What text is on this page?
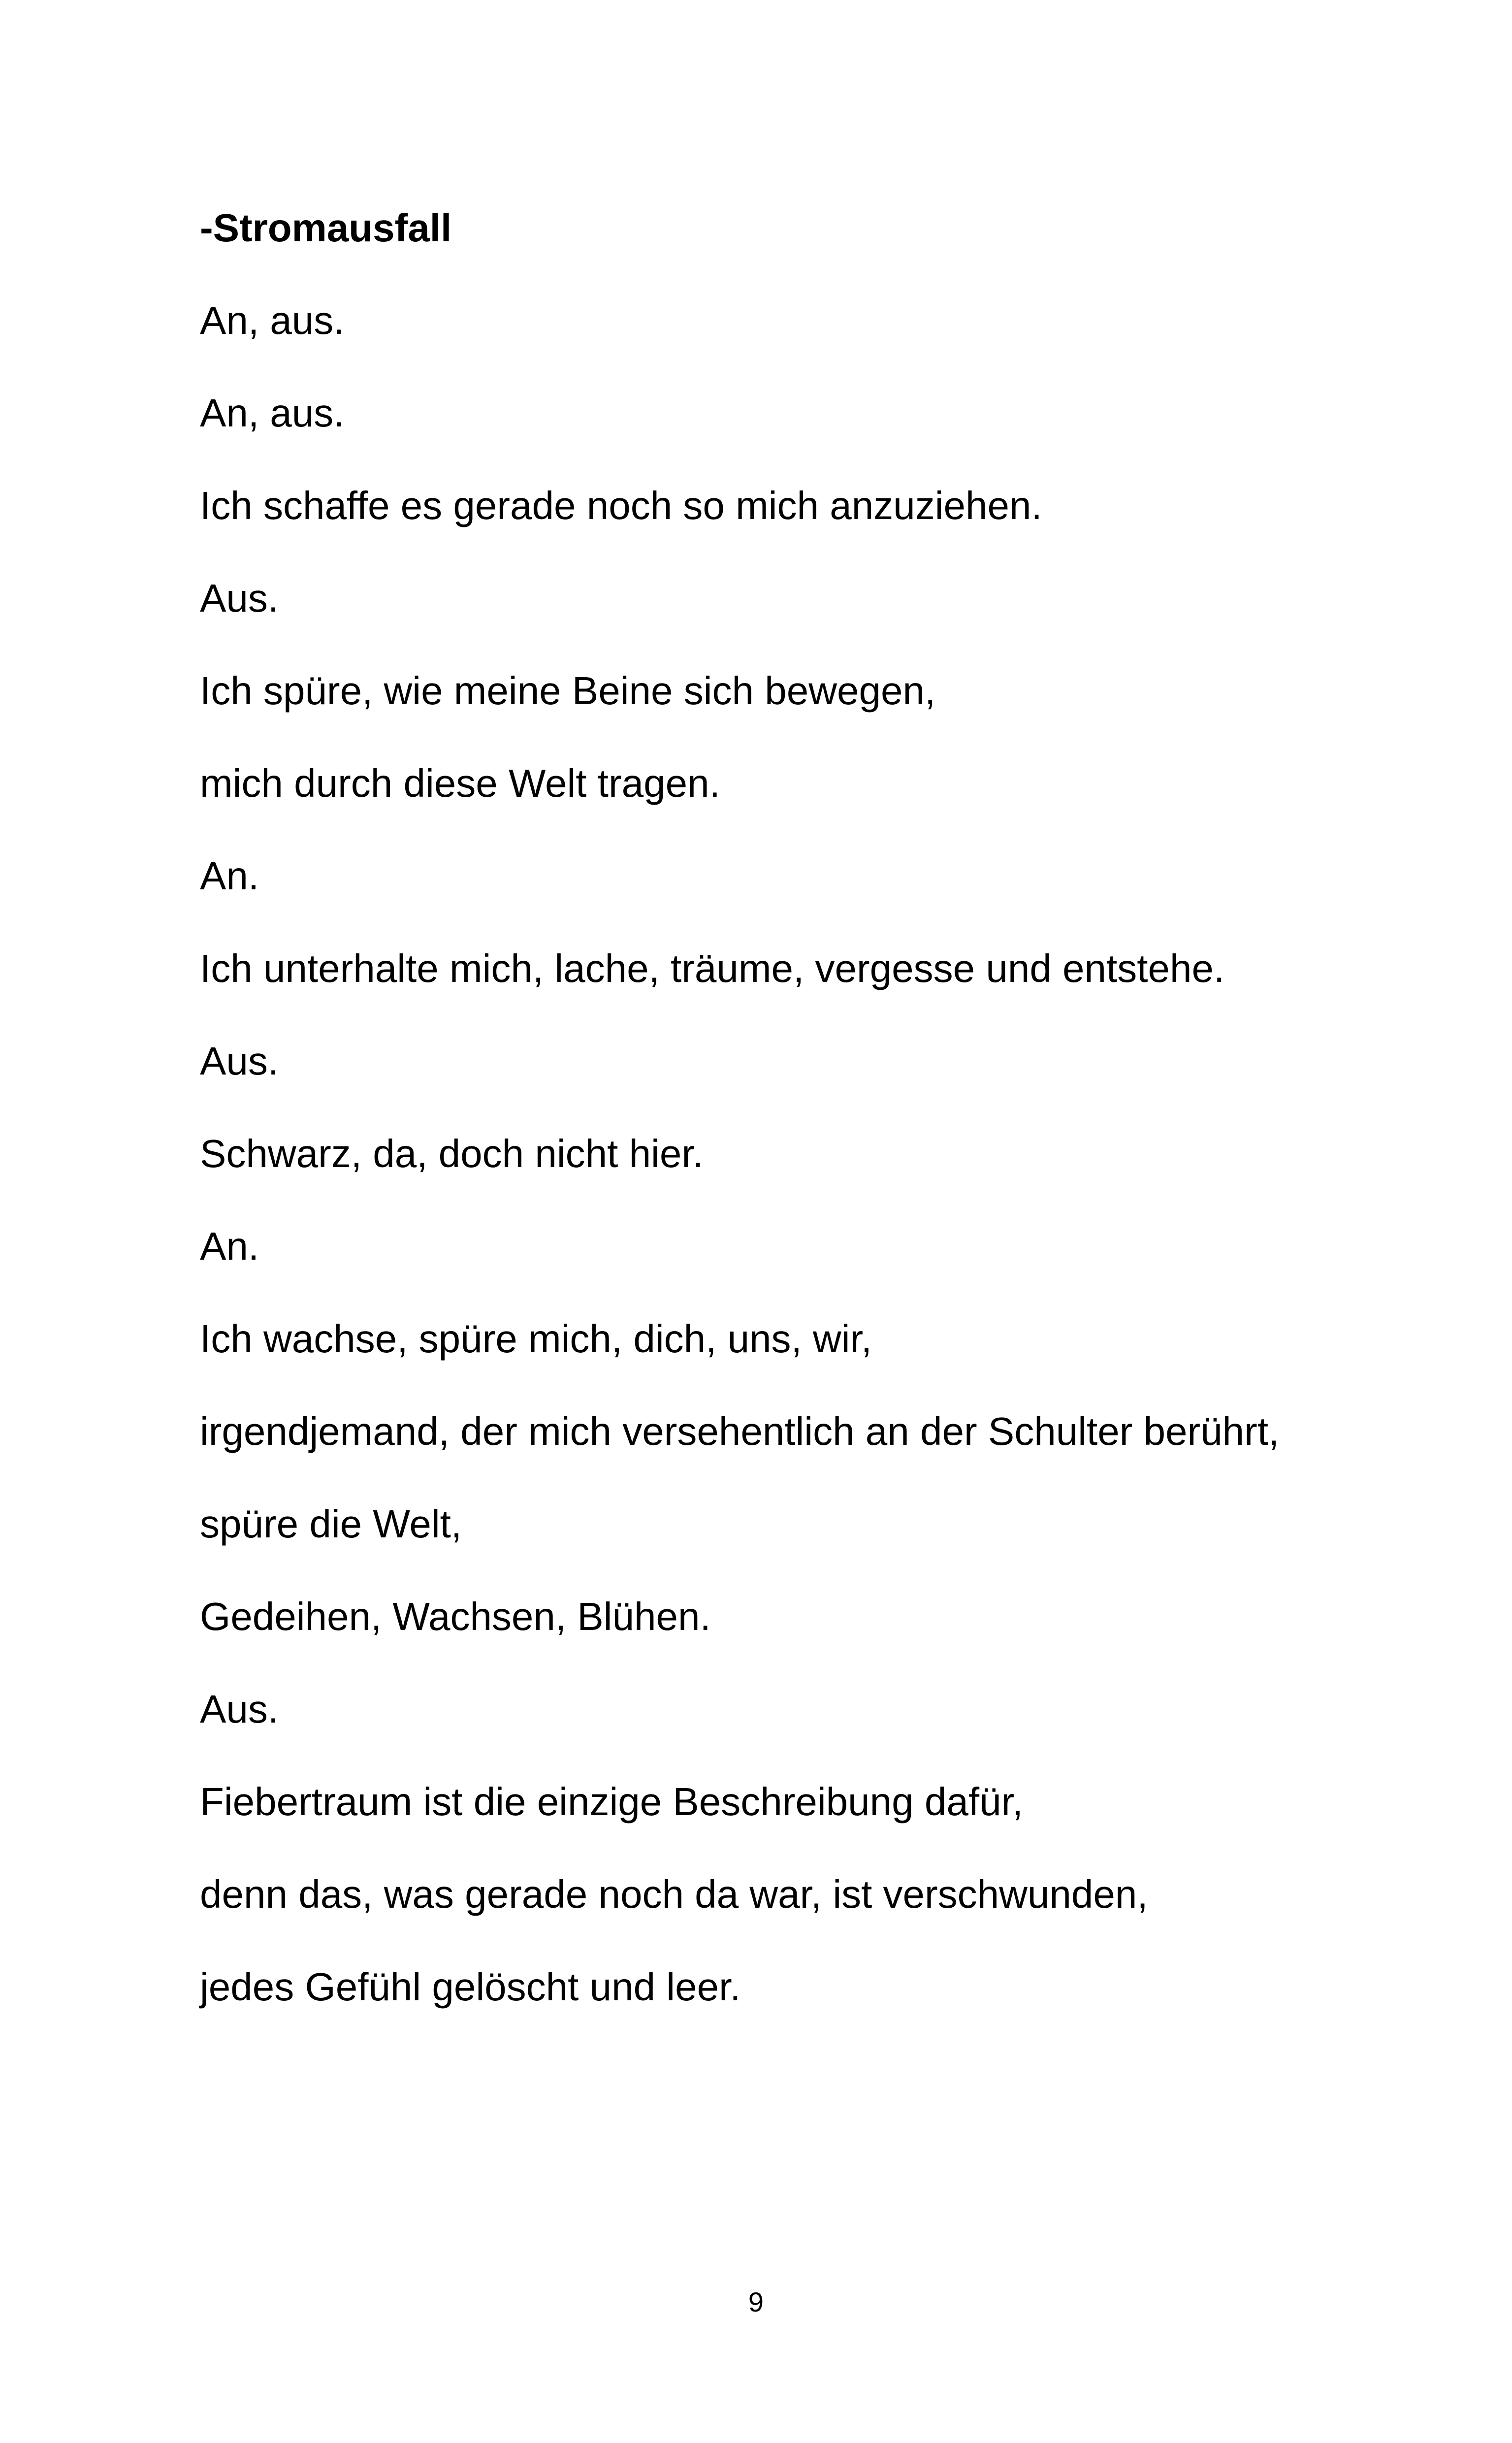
-Stromausfall
An, aus.
An, aus.
Ich schaffe es gerade noch so mich anzuziehen.
Aus.
Ich spüre, wie meine Beine sich bewegen,
mich durch diese Welt tragen.
An.
Ich unterhalte mich, lache, träume, vergesse und entstehe.
Aus.
Schwarz, da, doch nicht hier.
An.
Ich wachse, spüre mich, dich, uns, wir,
irgendjemand, der mich versehentlich an der Schulter berührt,
spüre die Welt,
Gedeihen, Wachsen, Blühen.
Aus.
Fiebertraum ist die einzige Beschreibung dafür,
denn das, was gerade noch da war, ist verschwunden,
jedes Gefühl gelöscht und leer.
9
